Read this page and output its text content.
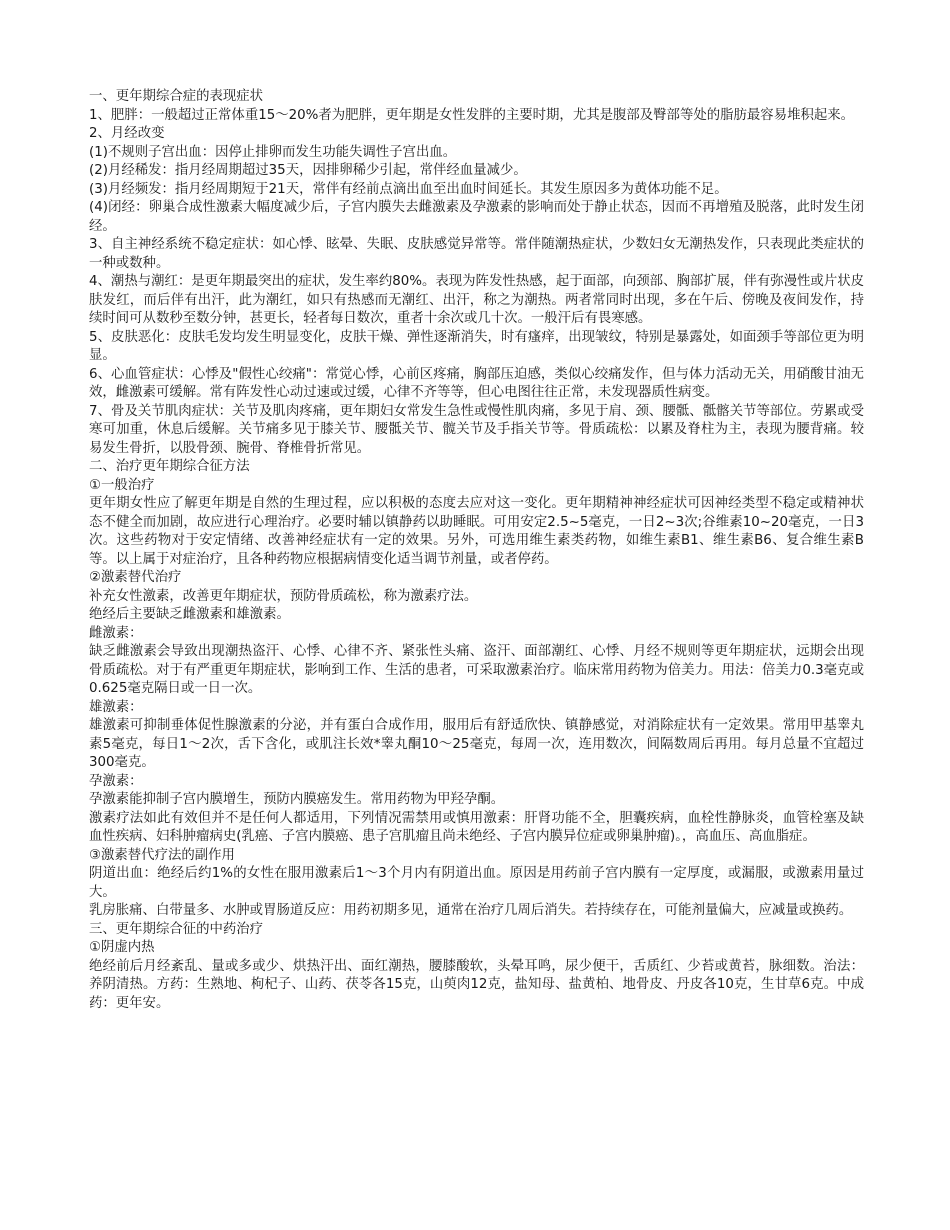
一、更年期综合症的表现症状

1、肥胖：一般超过正常体重15～20%者为肥胖，更年期是女性发胖的主要时期，尤其是腹部及臀部等处的脂肪最容易堆积起来。

2、月经改变

(1)不规则子宫出血：因停止排卵而发生功能失调性子宫出血。

(2)月经稀发：指月经周期超过35天，因排卵稀少引起，常伴经血量减少。

(3)月经频发：指月经周期短于21天，常伴有经前点滴出血至出血时间延长。其发生原因多为黄体功能不足。

(4)闭经：卵巢合成性激素大幅度减少后，子宫内膜失去雌激素及孕激素的影响而处于静止状态，因而不再增殖及脱落，此时发生闭经。

3、自主神经系统不稳定症状：如心悸、眩晕、失眠、皮肤感觉异常等。常伴随潮热症状，少数妇女无潮热发作，只表现此类症状的一种或数种。

4、潮热与潮红：是更年期最突出的症状，发生率约80%。表现为阵发性热感，起于面部，向颈部、胸部扩展，伴有弥漫性或片状皮肤发红，而后伴有出汗，此为潮红，如只有热感而无潮红、出汗，称之为潮热。两者常同时出现，多在午后、傍晚及夜间发作，持续时间可从数秒至数分钟，甚更长，轻者每日数次，重者十余次或几十次。一般汗后有畏寒感。

5、皮肤恶化：皮肤毛发均发生明显变化，皮肤干燥、弹性逐渐消失，时有瘙痒，出现皱纹，特别是暴露处，如面颈手等部位更为明显。

6、心血管症状：心悸及"假性心绞痛"：常觉心悸，心前区疼痛，胸部压迫感，类似心绞痛发作，但与体力活动无关，用硝酸甘油无效，雌激素可缓解。常有阵发性心动过速或过缓，心律不齐等等，但心电图往往正常，未发现器质性病变。

7、骨及关节肌肉症状：关节及肌肉疼痛，更年期妇女常发生急性或慢性肌肉痛，多见于肩、颈、腰骶、骶髂关节等部位。劳累或受寒可加重，休息后缓解。关节痛多见于膝关节、腰骶关节、髋关节及手指关节等。骨质疏松：以累及脊柱为主，表现为腰背痛。较易发生骨折，以股骨颈、腕骨、脊椎骨折常见。

二、治疗更年期综合征方法

①一般治疗

更年期女性应了解更年期是自然的生理过程，应以积极的态度去应对这一变化。更年期精神神经症状可因神经类型不稳定或精神状态不健全而加剧，故应进行心理治疗。必要时辅以镇静药以助睡眠。可用安定2.5~5毫克，一日2~3次;谷维素10~20毫克，一日3次。这些药物对于安定情绪、改善神经症状有一定的效果。另外，可选用维生素类药物，如维生素B1、维生素B6、复合维生素B等。以上属于对症治疗，且各种药物应根据病情变化适当调节剂量，或者停药。

②激素替代治疗

补充女性激素，改善更年期症状，预防骨质疏松，称为激素疗法。

绝经后主要缺乏雌激素和雄激素。

雌激素：

缺乏雌激素会导致出现潮热盗汗、心悸、心律不齐、紧张性头痛、盗汗、面部潮红、心悸、月经不规则等更年期症状，远期会出现骨质疏松。对于有严重更年期症状，影响到工作、生活的患者，可采取激素治疗。临床常用药物为倍美力。用法：倍美力0.3毫克或0.625毫克隔日或一日一次。

雄激素：

雄激素可抑制垂体促性腺激素的分泌，并有蛋白合成作用，服用后有舒适欣快、镇静感觉，对消除症状有一定效果。常用甲基睾丸素5毫克，每日1～2次，舌下含化，或肌注长效*睾丸酮10～25毫克，每周一次，连用数次，间隔数周后再用。每月总量不宜超过300毫克。

孕激素：

孕激素能抑制子宫内膜增生，预防内膜癌发生。常用药物为甲羟孕酮。

激素疗法如此有效但并不是任何人都适用，下列情况需禁用或慎用激素：肝肾功能不全，胆囊疾病，血栓性静脉炎，血管栓塞及缺血性疾病、妇科肿瘤病史(乳癌、子宫内膜癌、患子宫肌瘤且尚未绝经、子宫内膜异位症或卵巢肿瘤)。，高血压、高血脂症。

③激素替代疗法的副作用

阴道出血：绝经后约1%的女性在服用激素后1～3个月内有阴道出血。原因是用药前子宫内膜有一定厚度，或漏服，或激素用量过大。

乳房胀痛、白带量多、水肿或胃肠道反应：用药初期多见，通常在治疗几周后消失。若持续存在，可能剂量偏大，应减量或换药。

三、更年期综合征的中药治疗

①阴虚内热

绝经前后月经紊乱、量或多或少、烘热汗出、面红潮热，腰膝酸软，头晕耳鸣，尿少便干，舌质红、少苔或黄苔，脉细数。治法：养阴清热。方药：生熟地、枸杞子、山药、茯苓各15克，山萸肉12克，盐知母、盐黄柏、地骨皮、丹皮各10克，生甘草6克。中成药：更年安。
